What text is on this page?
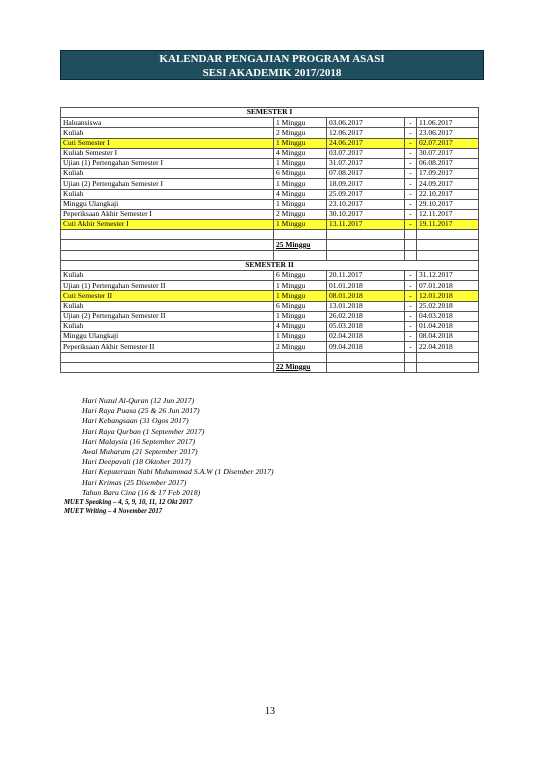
KALENDAR PENGAJIAN PROGRAM ASASI
SESI AKADEMIK 2017/2018
SEMESTER I				
Haluansiswa	1 Minggu	03.06.2017	-	11.06.2017
Kuliah	2 Minggu	12.06.2017	-	23.06.2017
Cuti Semester I	1 Minggu	24.06.2017	-	02.07.2017
Kuliah Semester I	4 Minggu	03.07.2017	-	30.07.2017
Ujian (1) Pertengahan Semester I	1 Minggu	31.07.2017	-	06.08.2017
Kuliah	6 Minggu	07.08.2017	-	17.09.2017
Ujian (2) Pertengahan Semester I	1 Minggu	18.09.2017	-	24.09.2017
Kuliah	4 Minggu	25.09.2017	-	22.10.2017
Minggu Ulangkaji	1 Minggu	23.10.2017	-	29.10.2017
Peperiksaan Akhir Semester I	2 Minggu	30.10.2017	-	12.11.2017
Cuti Akhir Semester I	1 Minggu	13.11.2017	-	19.11.2017

	25 Minggu			

SEMESTER II				
Kuliah	6 Minggu	20.11.2017	-	31.12.2017
Ujian (1) Pertengahan Semester II	1 Minggu	01.01.2018	-	07.01.2018
Cuti Semester II	1 Minggu	08.01.2018	-	12.01.2018
Kuliah	6 Minggu	13.01.2018	-	25.02.2018
Ujian (2) Pertengahan Semester II	1 Minggu	26.02.2018	-	04.03.2018
Kuliah	4 Minggu	05.03.2018	-	01.04.2018
Minggu Ulangkaji	1 Minggu	02.04.2018	-	08.04.2018
Peperiksaan Akhir Semester II	2 Minggu	09.04.2018	-	22.04.2018

	22 Minggu			
Hari Nuzul Al-Quran (12 Jun 2017)
Hari Raya Puasa (25 & 26 Jun 2017)
Hari Kebangsaan (31 Ogos 2017)
Hari Raya Qurban (1 September 2017)
Hari Malaysia (16 September 2017)
Awal Muharam (21 September 2017)
Hari Deepavali (18 Oktober 2017)
Hari Keputeraan Nabi Muhammad S.A.W (1 Disember 2017)
Hari Krimas (25 Disember 2017)
Tahun Baru Cina (16 & 17 Feb 2018)
MUET Speaking – 4, 5, 9, 10, 11, 12 Okt 2017
MUET Writing – 4 November 2017
13
